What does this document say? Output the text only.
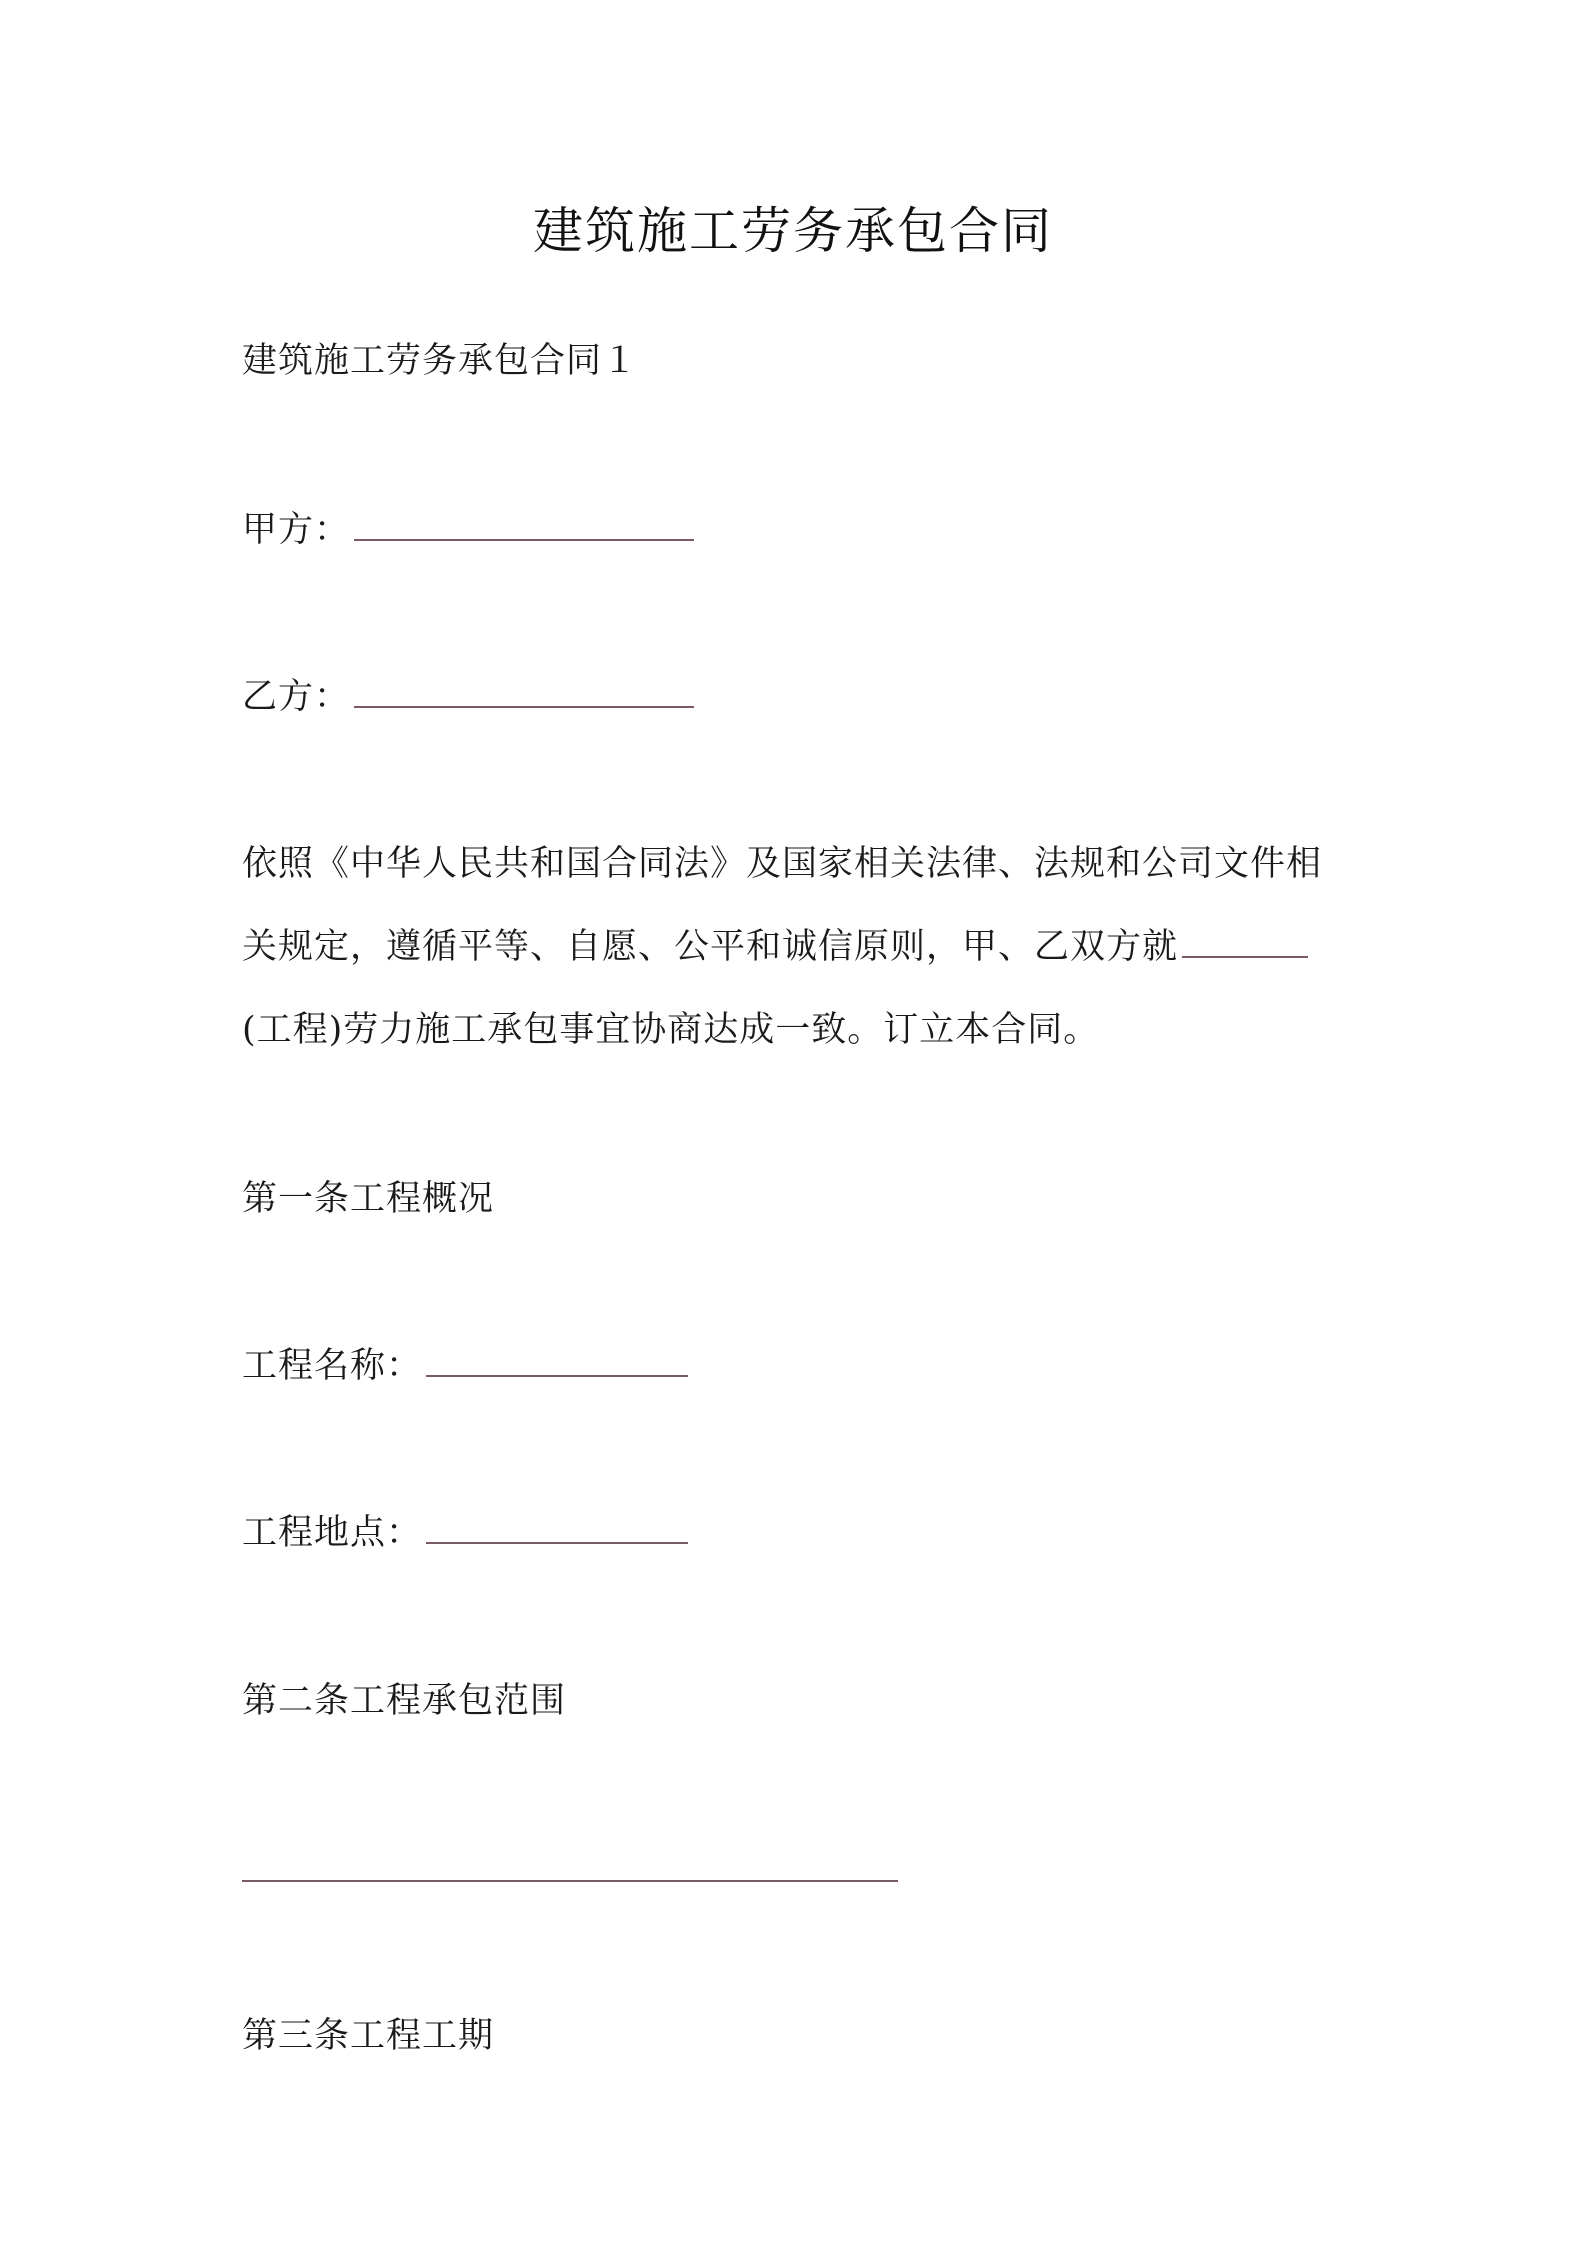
建筑施工劳务承包合同
建筑施工劳务承包合同１
甲方：
乙方：
依照《中华人民共和国合同法》及国家相关法律、法规和公司文件相
关规定，遵循平等、自愿、公平和诚信原则，甲、乙双方就
(工程)劳力施工承包事宜协商达成一致。订立本合同。
第一条工程概况
工程名称：
工程地点：
第二条工程承包范围
第三条工程工期
